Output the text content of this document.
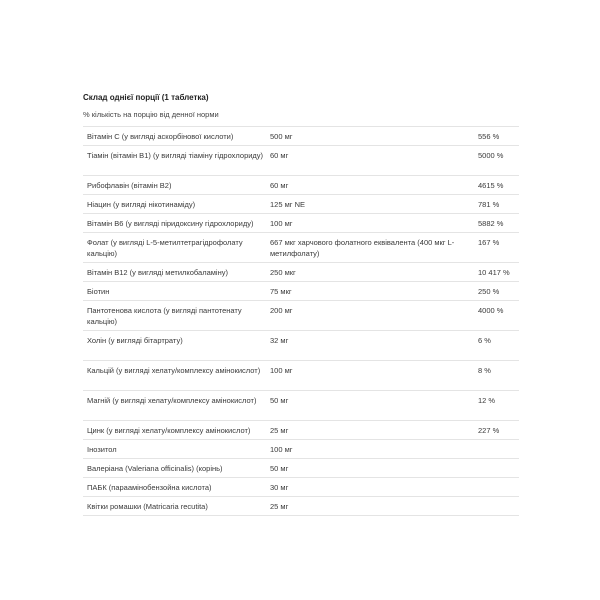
Склад однієї порції (1 таблетка)
% кількість на порцію від денної норми
Вітамін С (у вигляді аскорбінової кислоти)	500 мг	556 %
Тіамін (вітамін В1) (у вигляді тіаміну гідрохлориду)	60 мг	5000 %
Рибофлавін (вітамін В2)	60 мг	4615 %
Ніацин (у вигляді нікотинаміду)	125 мг NE	781 %
Вітамін В6 (у вигляді піридоксину гідрохлориду)	100 мг	5882 %
Фолат (у вигляді L-5-метилтетрагідрофолату кальцію)	667 мкг харчового фолатного еквівалента (400 мкг L-метилфолату)	167 %
Вітамін В12 (у вигляді метилкобаламіну)	250 мкг	10 417 %
Біотин	75 мкг	250 %
Пантотенова кислота (у вигляді пантотенату кальцію)	200 мг	4000 %
Холін (у вигляді бітартрату)	32 мг	6 %
Кальцій (у вигляді хелату/комплексу амінокислот)	100 мг	8 %
Магній (у вигляді хелату/комплексу амінокислот)	50 мг	12 %
Цинк (у вигляді хелату/комплексу амінокислот)	25 мг	227 %
Інозитол	100 мг	
Валеріана (Valeriana officinalis) (корінь)	50 мг	
ПАБК (параамінобензойна кислота)	30 мг	
Квітки ромашки (Matricaria recutita)	25 мг	
